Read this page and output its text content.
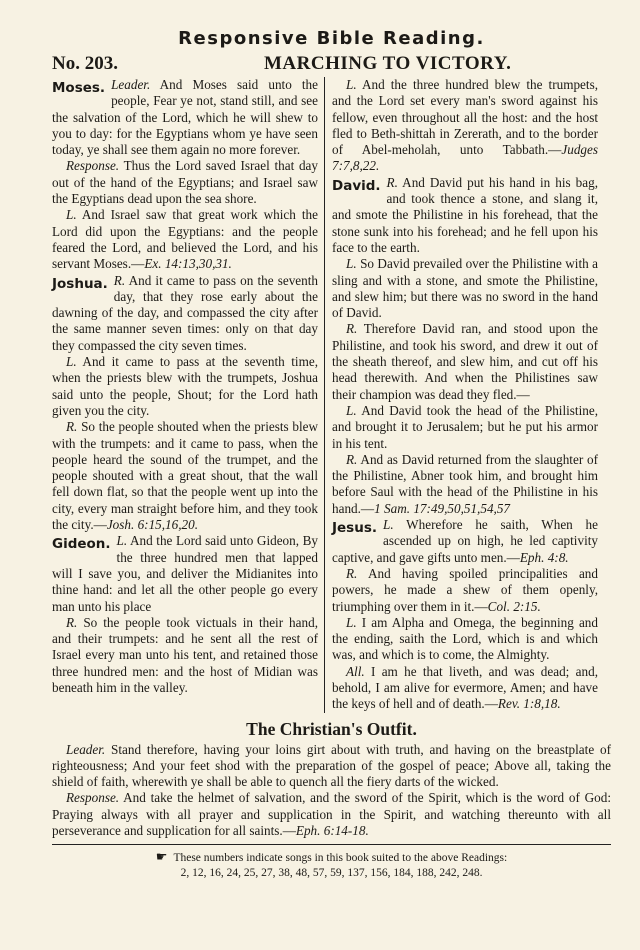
Responsive Bible Reading.
No. 203.	MARCHING TO VICTORY.

Moses. Leader. And Moses said unto the people, Fear ye not, stand still, and see the salvation of the Lord, which he will shew to you to day: for the Egyptians whom ye have seen today, ye shall see them again no more forever.

Response. Thus the Lord saved Israel that day out of the hand of the Egyptians; and Israel saw the Egyptians dead upon the sea shore.

L. And Israel saw that great work which the Lord did upon the Egyptians: and the people feared the Lord, and believed the Lord, and his servant Moses.—Ex. 14:13,30,31.

Joshua. R. And it came to pass on the seventh day, that they rose early about the dawning of the day, and compassed the city after the same manner seven times: only on that day they compassed the city seven times.

L. And it came to pass at the seventh time, when the priests blew with the trumpets, Joshua said unto the people, Shout; for the Lord hath given you the city.

R. So the people shouted when the priests blew with the trumpets: and it came to pass, when the people heard the sound of the trumpet, and the people shouted with a great shout, that the wall fell down flat, so that the people went up into the city, every man straight before him, and they took the city.—Josh. 6:15,16,20.

Gideon. L. And the Lord said unto Gideon, By the three hundred men that lapped will I save you, and deliver the Midianites into thine hand: and let all the other people go every man unto his place

R. So the people took victuals in their hand, and their trumpets: and he sent all the rest of Israel every man unto his tent, and retained those three hundred men: and the host of Midian was beneath him in the valley.

L. And the three hundred blew the trumpets, and the Lord set every man's sword against his fellow, even throughout all the host: and the host fled to Beth-shittah in Zererath, and to the border of Abel-meholah, unto Tabbath.—Judges 7:7,8,22.

David. R. And David put his hand in his bag, and took thence a stone, and slang it, and smote the Philistine in his forehead, that the stone sunk into his forehead; and he fell upon his face to the earth.

L. So David prevailed over the Philistine with a sling and with a stone, and smote the Philistine, and slew him; but there was no sword in the hand of David.

R. Therefore David ran, and stood upon the Philistine, and took his sword, and drew it out of the sheath thereof, and slew him, and cut off his head therewith. And when the Philistines saw their champion was dead they fled.—

L. And David took the head of the Philistine, and brought it to Jerusalem; but he put his armor in his tent.

R. And as David returned from the slaughter of the Philistine, Abner took him, and brought him before Saul with the head of the Philistine in his hand.—1 Sam. 17:49,50,51,54,57

Jesus. L. Wherefore he saith, When he ascended up on high, he led captivity captive, and gave gifts unto men.—Eph. 4:8.

R. And having spoiled principalities and powers, he made a shew of them openly, triumphing over them in it.—Col. 2:15.

L. I am Alpha and Omega, the beginning and the ending, saith the Lord, which is and which was, and which is to come, the Almighty.

All. I am he that liveth, and was dead; and, behold, I am alive for evermore, Amen; and have the keys of hell and of death.—Rev. 1:8,18.

The Christian's Outfit.

Leader. Stand therefore, having your loins girt about with truth, and having on the breastplate of righteousness; And your feet shod with the preparation of the gospel of peace; Above all, taking the shield of faith, wherewith ye shall be able to quench all the fiery darts of the wicked.

Response. And take the helmet of salvation, and the sword of the Spirit, which is the word of God: Praying always with all prayer and supplication in the Spirit, and watching thereunto with all perseverance and supplication for all saints.—Eph. 6:14-18.

☛ These numbers indicate songs in this book suited to the above Readings:
2, 12, 16, 24, 25, 27, 38, 48, 57, 59, 137, 156, 184, 188, 242, 248.
